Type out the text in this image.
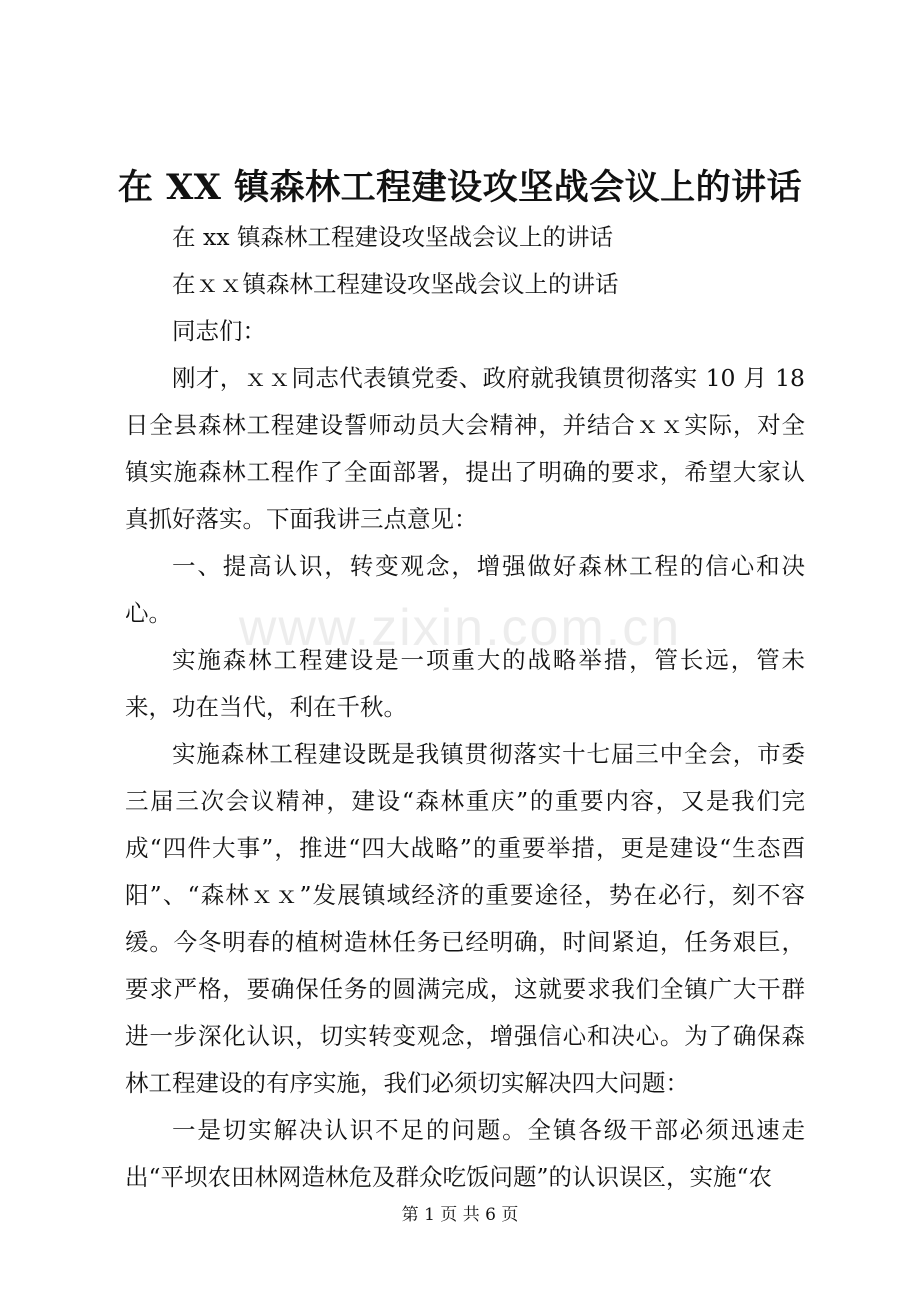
在 XX 镇森林工程建设攻坚战会议上的讲话

在 xx 镇森林工程建设攻坚战会议上的讲话

在ｘｘ镇森林工程建设攻坚战会议上的讲话

同志们：

刚才，ｘｘ同志代表镇党委、政府就我镇贯彻落实 10 月 18 日全县森林工程建设誓师动员大会精神，并结合ｘｘ实际，对全镇实施森林工程作了全面部署，提出了明确的要求，希望大家认真抓好落实。下面我讲三点意见：

一、提高认识，转变观念，增强做好森林工程的信心和决心。

实施森林工程建设是一项重大的战略举措，管长远，管未来，功在当代，利在千秋。

实施森林工程建设既是我镇贯彻落实十七届三中全会，市委三届三次会议精神，建设“森林重庆”的重要内容，又是我们完成“四件大事”，推进“四大战略”的重要举措，更是建设“生态酉阳”、“森林ｘｘ”发展镇域经济的重要途径，势在必行，刻不容缓。今冬明春的植树造林任务已经明确，时间紧迫，任务艰巨，要求严格，要确保任务的圆满完成，这就要求我们全镇广大干群进一步深化认识，切实转变观念，增强信心和决心。为了确保森林工程建设的有序实施，我们必须切实解决四大问题：

一是切实解决认识不足的问题。全镇各级干部必须迅速走出“平坝农田林网造林危及群众吃饭问题”的认识误区，实施“农

www.zixin.com.cn
第 1 页 共 6 页
